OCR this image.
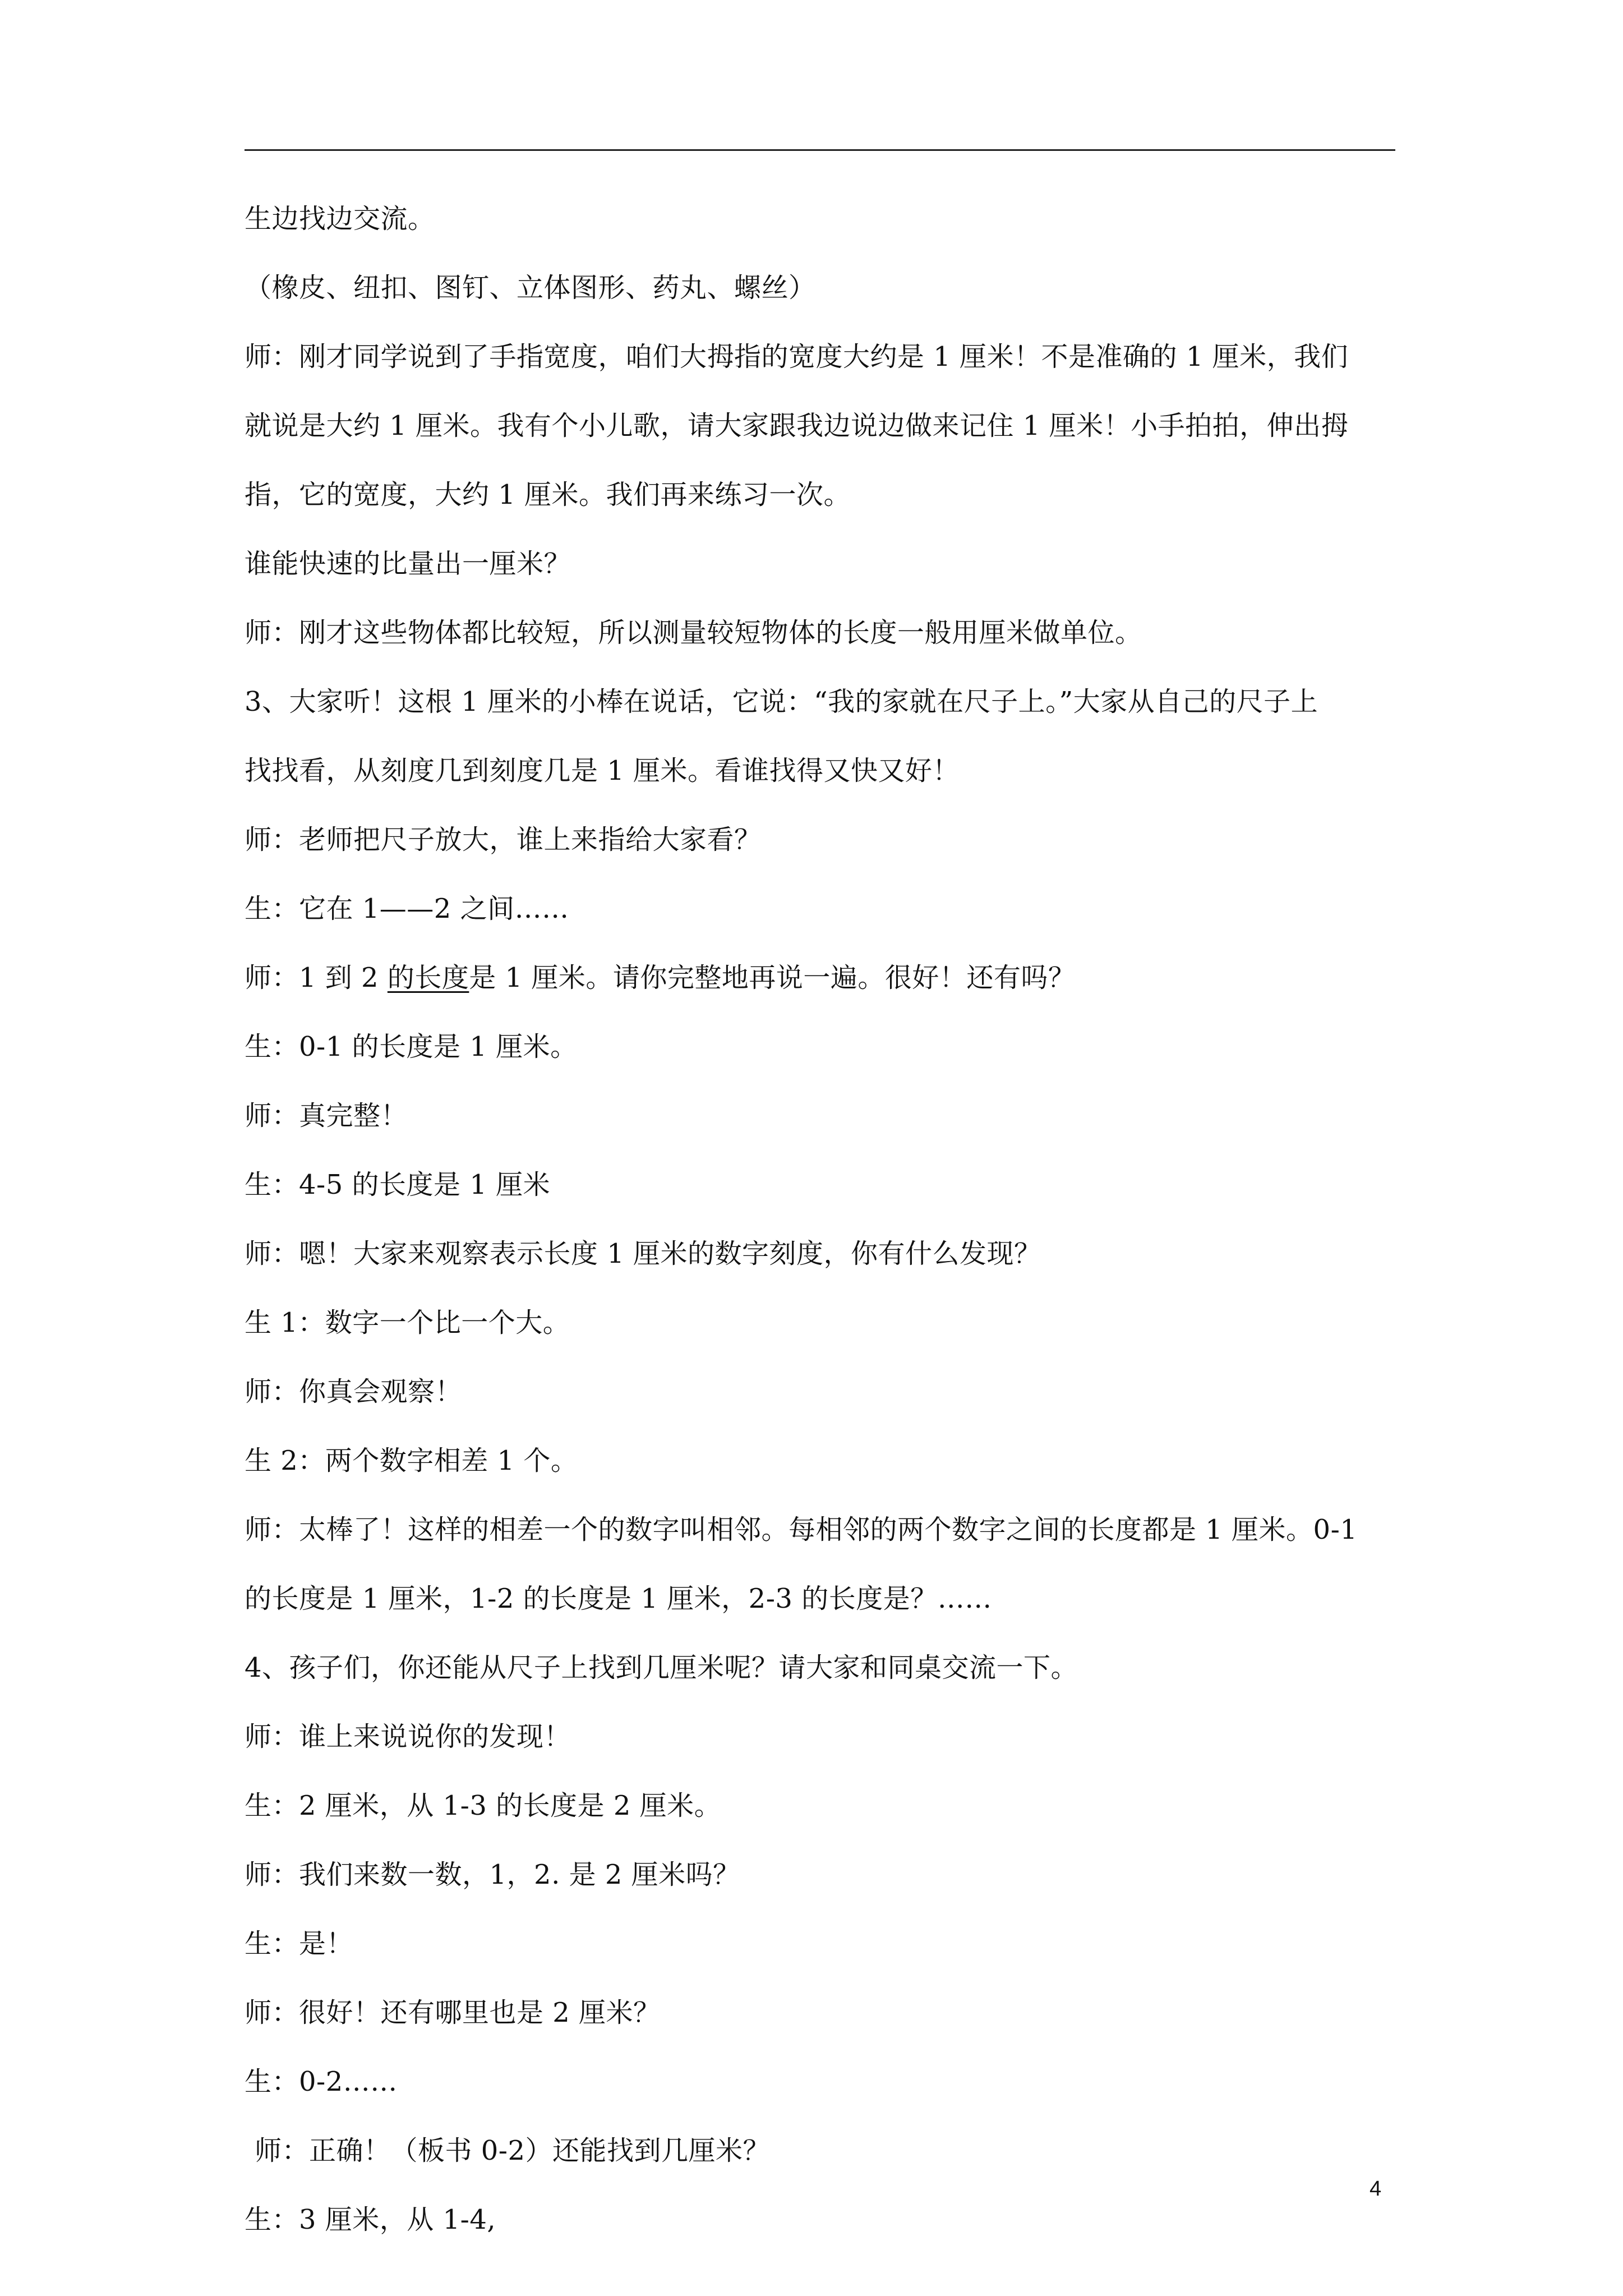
生边找边交流。
（橡皮、纽扣、图钉、立体图形、药丸、螺丝）
师：刚才同学说到了手指宽度，咱们大拇指的宽度大约是 1 厘米！不是准确的 1 厘米，我们
就说是大约 1 厘米。我有个小儿歌，请大家跟我边说边做来记住 1 厘米！小手拍拍，伸出拇
指，它的宽度，大约 1 厘米。我们再来练习一次。
谁能快速的比量出一厘米？
师：刚才这些物体都比较短，所以测量较短物体的长度一般用厘米做单位。
3、大家听！这根 1 厘米的小棒在说话，它说：“我的家就在尺子上。”大家从自己的尺子上
找找看，从刻度几到刻度几是 1 厘米。看谁找得又快又好！
师：老师把尺子放大，谁上来指给大家看？
生：它在 1——2 之间……
师：1 到 2 的长度是 1 厘米。请你完整地再说一遍。很好！还有吗？
生：0-1 的长度是 1 厘米。
师：真完整！
生：4-5 的长度是 1 厘米
师：嗯！大家来观察表示长度 1 厘米的数字刻度，你有什么发现？
生 1：数字一个比一个大。
师：你真会观察！
生 2：两个数字相差 1 个。
师：太棒了！这样的相差一个的数字叫相邻。每相邻的两个数字之间的长度都是 1 厘米。0-1
的长度是 1 厘米，1-2 的长度是 1 厘米，2-3 的长度是？……
4、孩子们，你还能从尺子上找到几厘米呢？请大家和同桌交流一下。
师：谁上来说说你的发现！
生：2 厘米，从 1-3 的长度是 2 厘米。
师：我们来数一数，1，2. 是 2 厘米吗？
生：是！
师：很好！还有哪里也是 2 厘米？
生：0-2……
师：正确！（板书 0-2）还能找到几厘米？
生：3 厘米，从 1-4,
4
